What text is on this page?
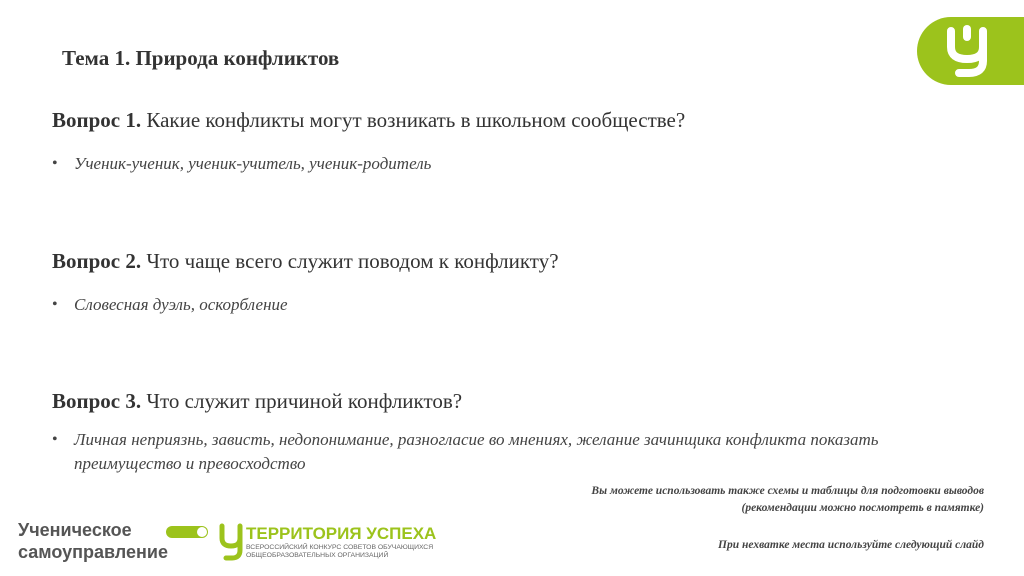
Тема 1. Природа конфликтов
Вопрос 1. Какие конфликты могут возникать в школьном сообществе?
• Ученик-ученик, ученик-учитель, ученик-родитель
Вопрос 2. Что чаще всего служит поводом к конфликту?
• Словесная дуэль, оскорбление
Вопрос 3. Что служит причиной конфликтов?
• Личная неприязнь, зависть, недопонимание, разногласие во мнениях, желание зачинщика конфликта показать преимущество и превосходство
Вы можете использовать также схемы и таблицы для подготовки выводов
(рекомендации можно посмотреть в памятке)
При нехватке места используйте следующий слайд
Ученическое
самоуправление
ТЕРРИТОРИЯ УСПЕХА
ВСЕРОССИЙСКИЙ КОНКУРС СОВЕТОВ ОБУЧАЮЩИХСЯ
ОБЩЕОБРАЗОВАТЕЛЬНЫХ ОРГАНИЗАЦИЙ
